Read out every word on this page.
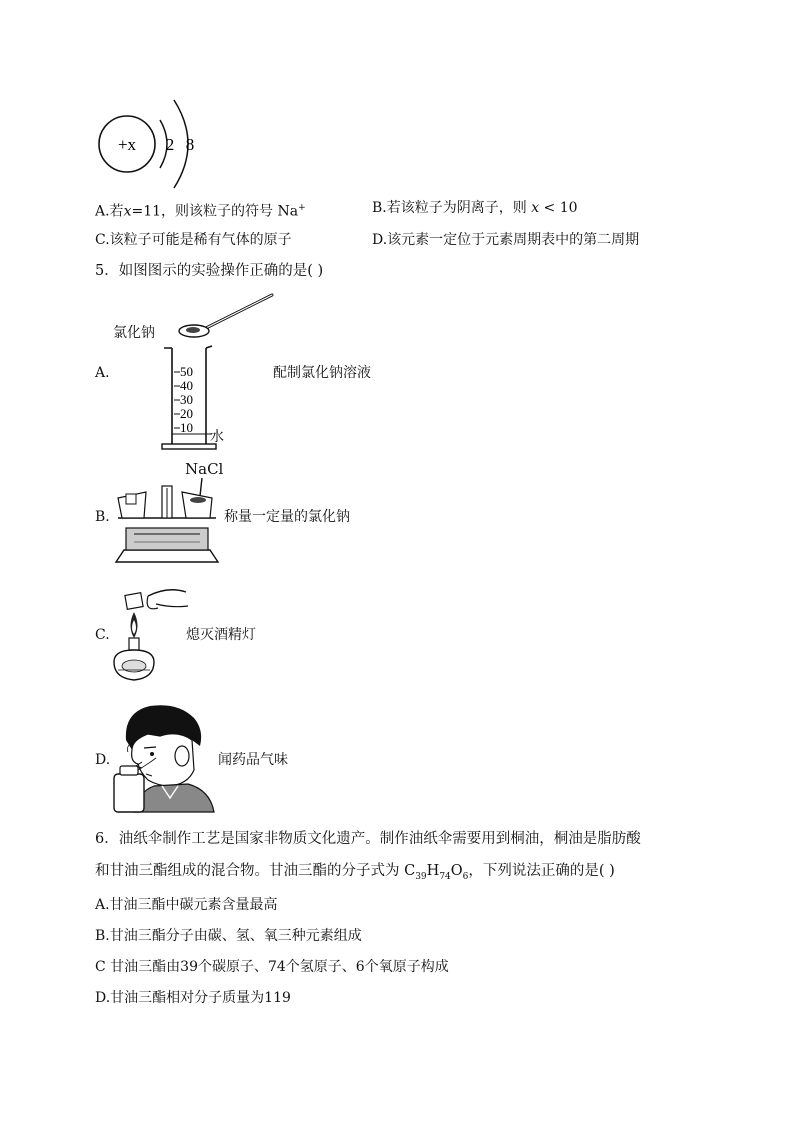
+x 2 8
A.若x=11，则该粒子的符号 Na+	B.若该粒子为阴离子，则 x < 10
C.该粒子可能是稀有气体的原子	D.该元素一定位于元素周期表中的第二周期
5．如图图示的实验操作正确的是( )
氯化钠
50
40
30
20
10
水
A.	配制氯化钠溶液
NaCl
B.	称量一定量的氯化钠
C.	熄灭酒精灯
D.	闻药品气味
6．油纸伞制作工艺是国家非物质文化遗产。制作油纸伞需要用到桐油，桐油是脂肪酸
和甘油三酯组成的混合物。甘油三酯的分子式为 $C_{39}H_{74}O_6$，下列说法正确的是( )
A.甘油三酯中碳元素含量最高
B.甘油三酯分子由碳、氢、氧三种元素组成
C 甘油三酯由39个碳原子、74个氢原子、6个氧原子构成
D.甘油三酯相对分子质量为119
